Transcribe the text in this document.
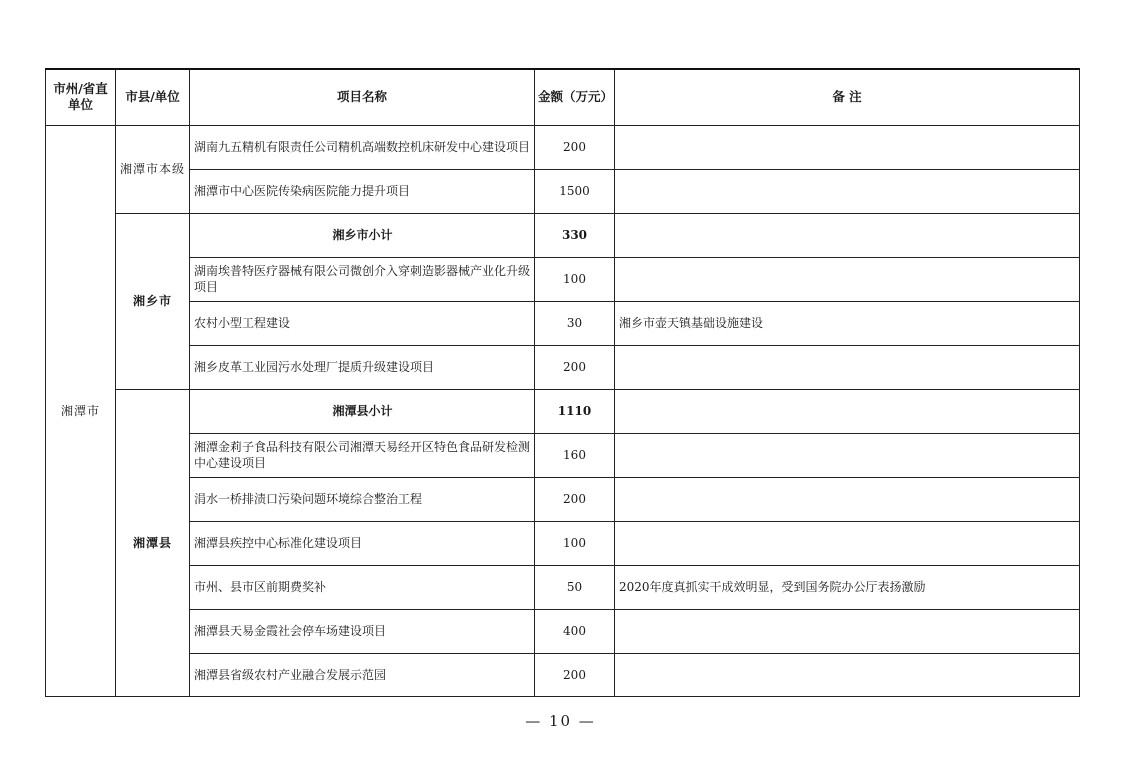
市州/省直单位	市县/单位	项目名称	金额（万元）	备 注
湘潭市	湘潭市本级	湖南九五精机有限责任公司精机高端数控机床研发中心建设项目	200	
		湘潭市中心医院传染病医院能力提升项目	1500	
	湘乡市	湘乡市小计	330	
		湖南埃普特医疗器械有限公司微创介入穿刺造影器械产业化升级项目	100	
		农村小型工程建设	30	湘乡市壶天镇基础设施建设
		湘乡皮革工业园污水处理厂提质升级建设项目	200	
	湘潭县	湘潭县小计	1110	
		湘潭金莉子食品科技有限公司湘潭天易经开区特色食品研发检测中心建设项目	160	
		涓水一桥排渍口污染问题环境综合整治工程	200	
		湘潭县疾控中心标准化建设项目	100	
		市州、县市区前期费奖补	50	2020年度真抓实干成效明显，受到国务院办公厅表扬激励
		湘潭县天易金霞社会停车场建设项目	400	
		湘潭县省级农村产业融合发展示范园	200	
— 10 —
